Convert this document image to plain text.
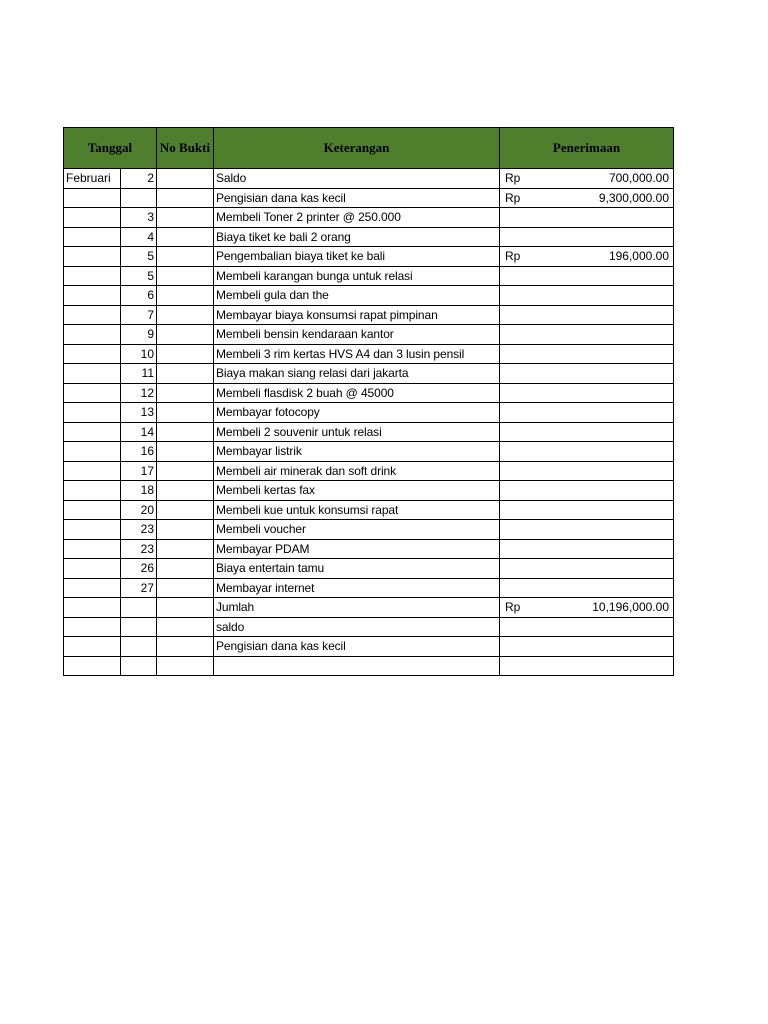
Tanggal		No Bukti	Keterangan	Penerimaan
Februari	2		Saldo	Rp 700,000.00

			Pengisian dana kas kecil	Rp 9,300,000.00

	3		Membeli Toner 2 printer @ 250.000	

	4		Biaya tiket ke bali 2 orang	

	5		Pengembalian biaya tiket ke bali	Rp 196,000.00

	5		Membeli karangan bunga untuk relasi	

	6		Membeli gula dan the	

	7		Membayar biaya konsumsi rapat pimpinan	

	9		Membeli bensin kendaraan kantor	

	10		Membeli 3 rim kertas HVS A4 dan 3 lusin pensil	

	11		Biaya makan siang relasi dari jakarta	

	12		Membeli flasdisk 2 buah @ 45000	

	13		Membayar fotocopy	

	14		Membeli 2 souvenir untuk relasi	

	16		Membayar listrik	

	17		Membeli air minerak dan soft drink	

	18		Membeli kertas fax	

	20		Membeli kue untuk konsumsi rapat	

	23		Membeli voucher	

	23		Membayar PDAM	

	26		Biaya entertain tamu	

	27		Membayar internet	

			Jumlah	Rp 10,196,000.00

			saldo	

			Pengisian dana kas kecil	
